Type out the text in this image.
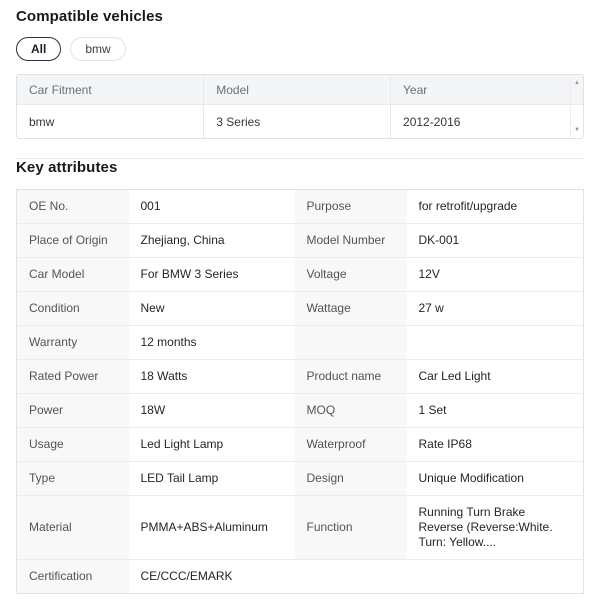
Compatible vehicles
All	bmw
Car Fitment	Model	Year
bmw	3 Series	2012-2016
▲
▼
Key attributes
OE No.	001	Purpose	for retrofit/upgrade
Place of Origin	Zhejiang, China	Model Number	DK-001
Car Model	For BMW 3 Series	Voltage	12V
Condition	New	Wattage	27 w
Warranty	12 months		
Rated Power	18 Watts	Product name	Car Led Light
Power	18W	MOQ	1 Set
Usage	Led Light Lamp	Waterproof	Rate IP68
Type	LED Tail Lamp	Design	Unique Modification
Material	PMMA+ABS+Aluminum	Function	Running Turn Brake Reverse (Reverse:White. Turn: Yellow....
Certification	CE/CCC/EMARK		
